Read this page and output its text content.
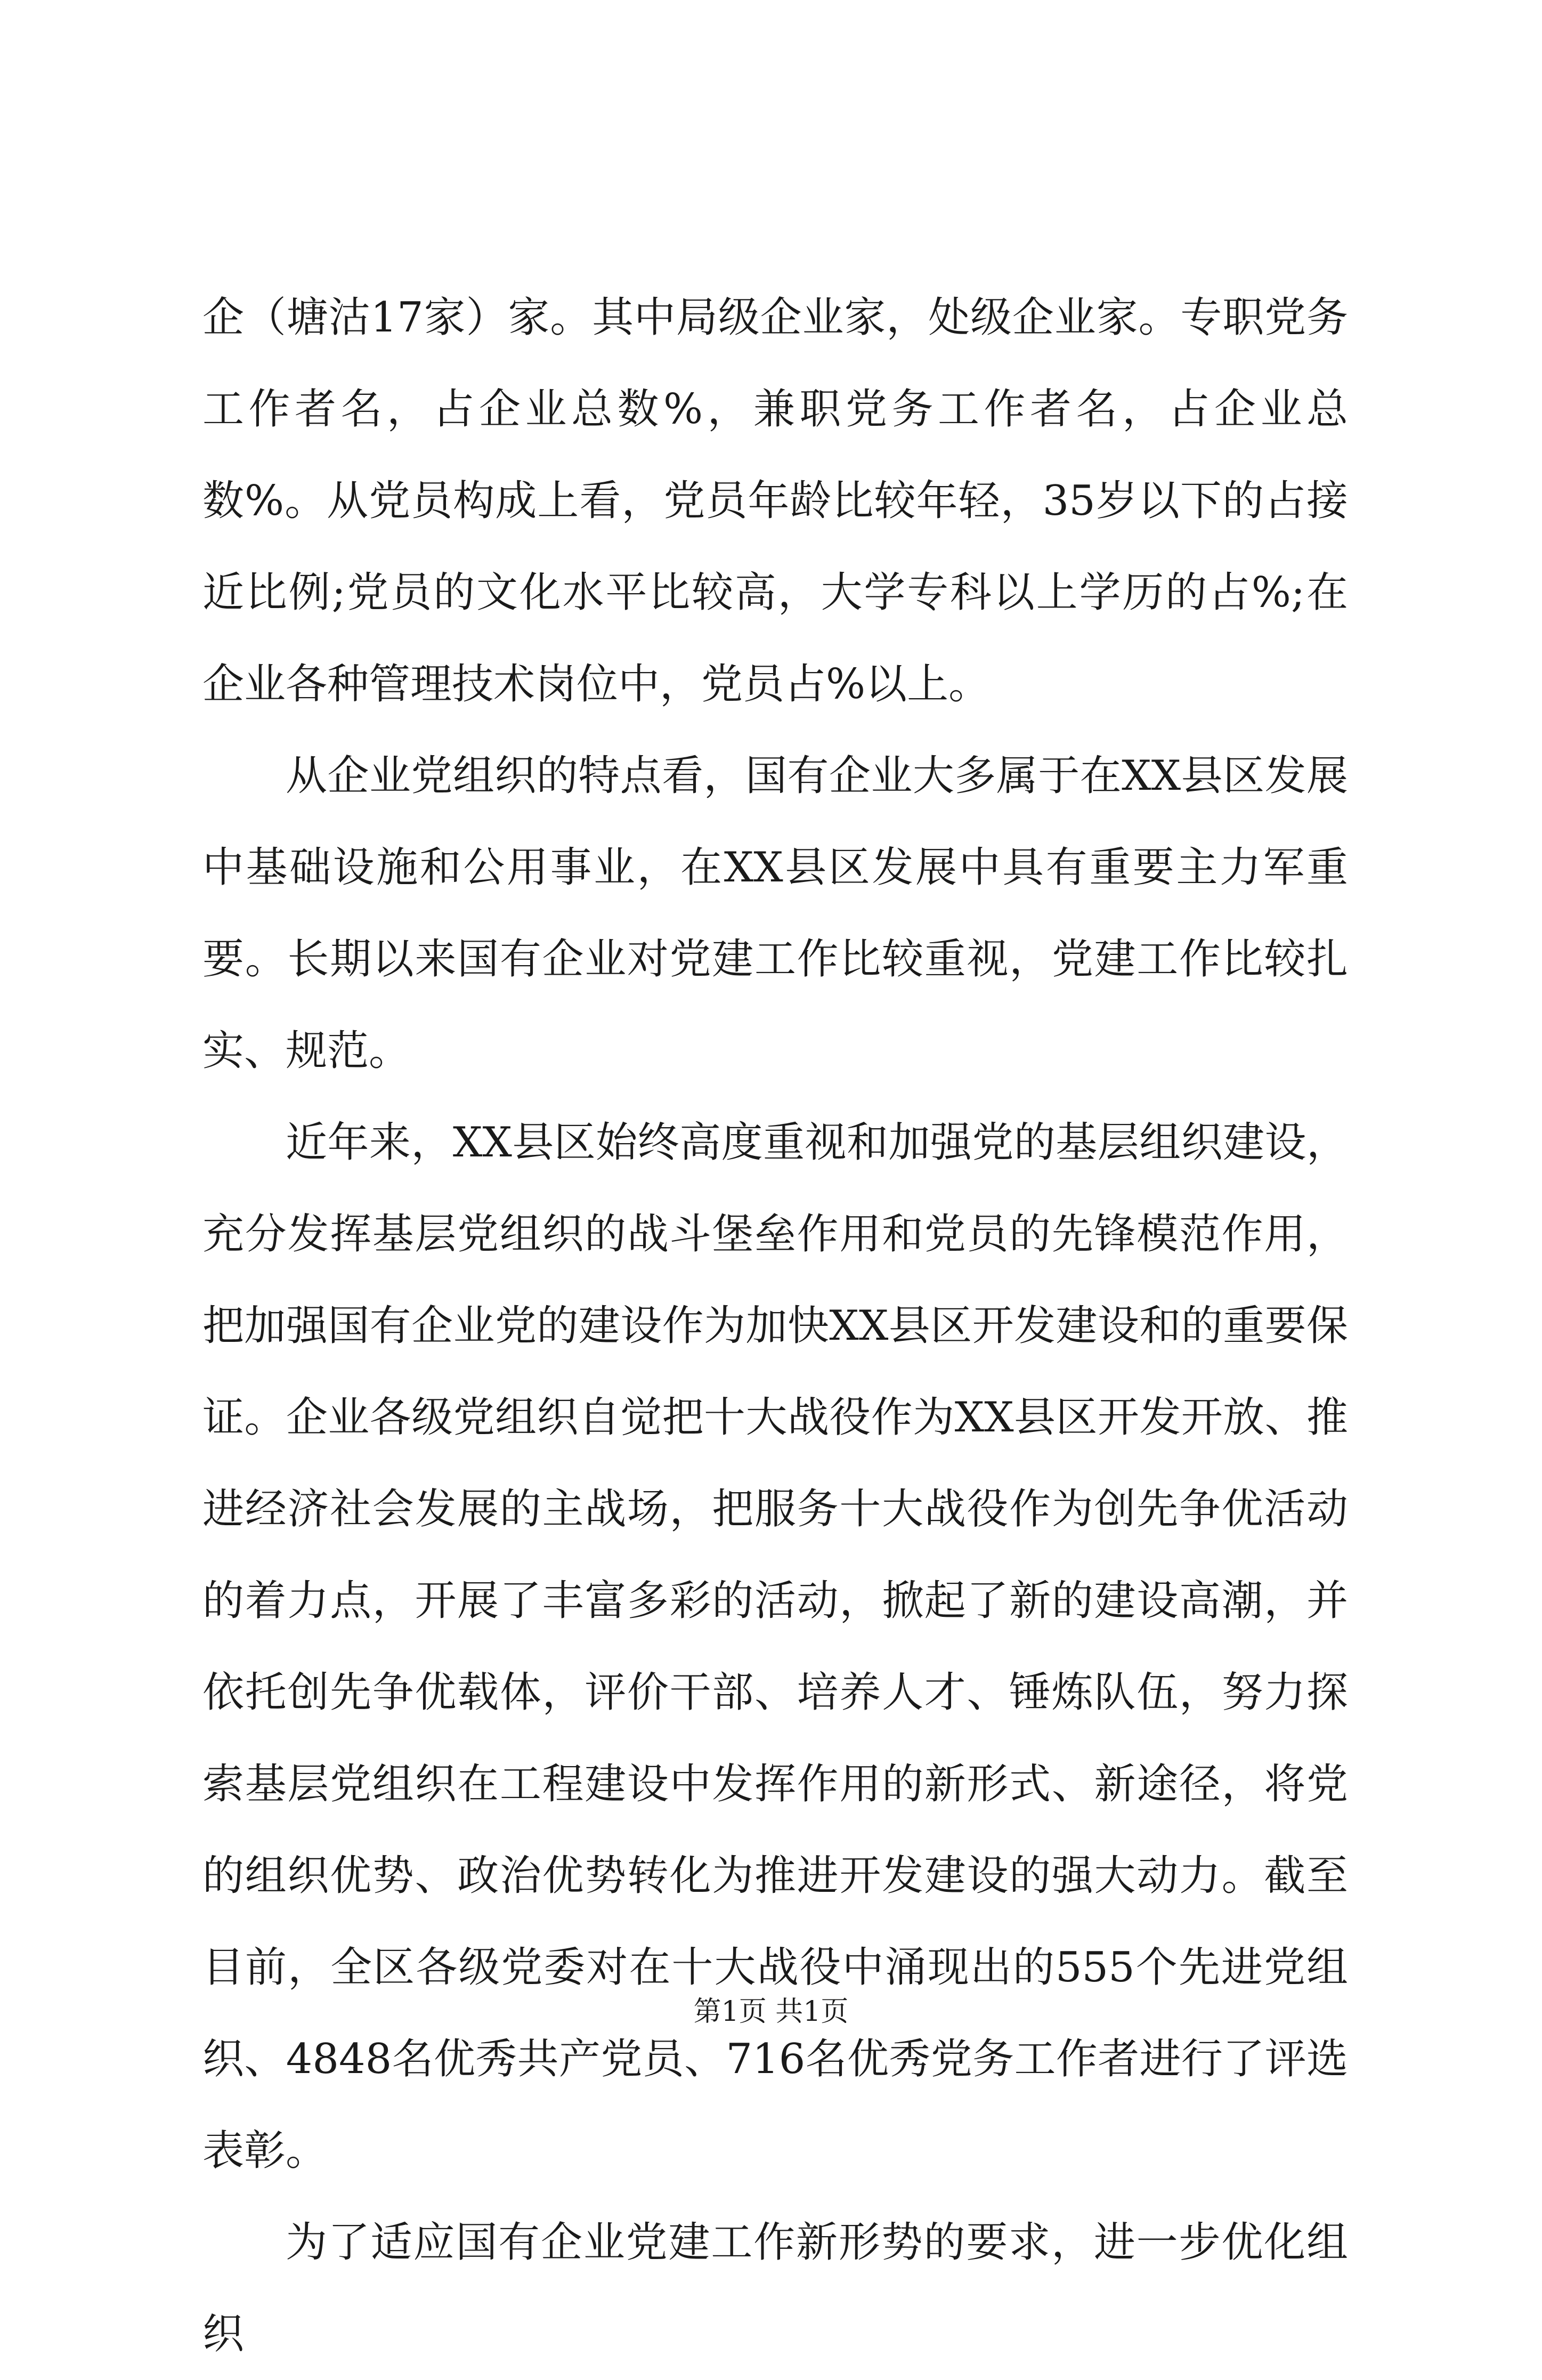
企（塘沽17家）家。其中局级企业家，处级企业家。专职党务工作者名，占企业总数%，兼职党务工作者名，占企业总数%。从党员构成上看，党员年龄比较年轻，35岁以下的占接近比例;党员的文化水平比较高，大学专科以上学历的占%;在企业各种管理技术岗位中，党员占%以上。

从企业党组织的特点看，国有企业大多属于在XX县区发展中基础设施和公用事业，在XX县区发展中具有重要主力军重要。长期以来国有企业对党建工作比较重视，党建工作比较扎实、规范。

近年来，XX县区始终高度重视和加强党的基层组织建设，充分发挥基层党组织的战斗堡垒作用和党员的先锋模范作用，把加强国有企业党的建设作为加快XX县区开发建设和的重要保证。企业各级党组织自觉把十大战役作为XX县区开发开放、推进经济社会发展的主战场，把服务十大战役作为创先争优活动的着力点，开展了丰富多彩的活动，掀起了新的建设高潮，并依托创先争优载体，评价干部、培养人才、锤炼队伍，努力探索基层党组织在工程建设中发挥作用的新形式、新途径，将党的组织优势、政治优势转化为推进开发建设的强大动力。截至目前，全区各级党委对在十大战役中涌现出的555个先进党组织、4848名优秀共产党员、716名优秀党务工作者进行了评选表彰。

为了适应国有企业党建工作新形势的要求，进一步优化组织

第1页 共1页
